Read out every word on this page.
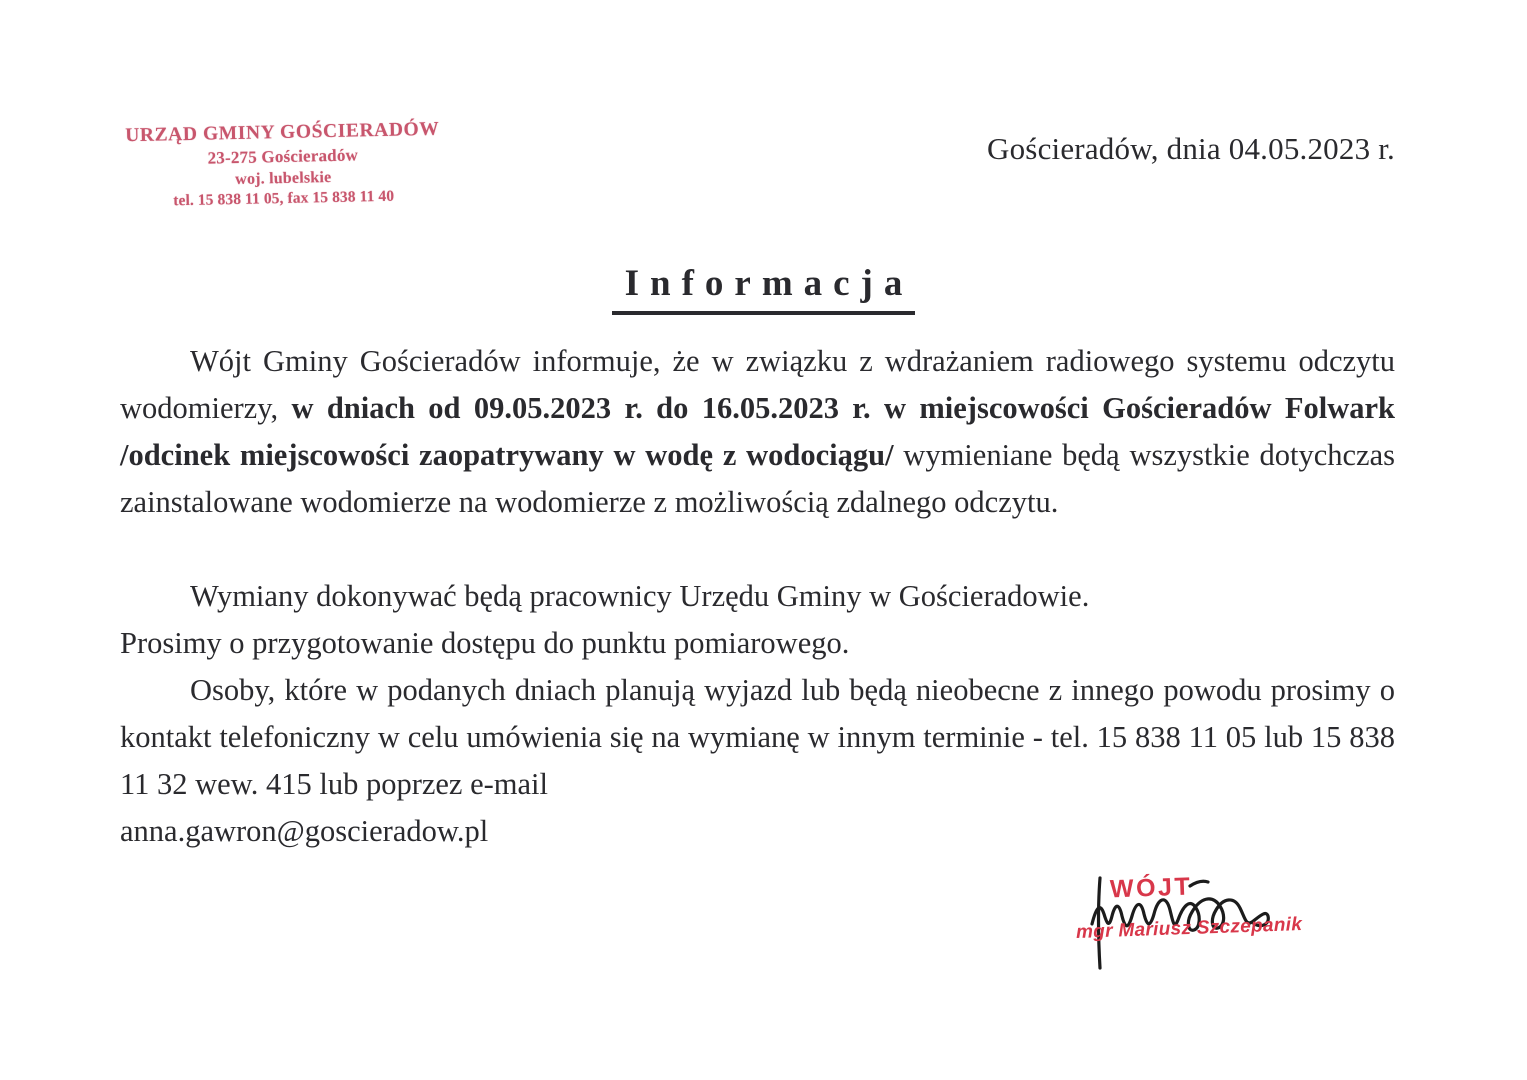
URZĄD GMINY GOŚCIERADÓW
23-275 Gościeradów
woj. lubelskie
tel. 15 838 11 05, fax 15 838 11 40
Gościeradów, dnia 04.05.2023 r.
Informacja

Wójt Gminy Gościeradów informuje, że w związku z wdrażaniem radiowego systemu odczytu wodomierzy, w dniach od 09.05.2023 r. do 16.05.2023 r. w miejscowości Gościeradów Folwark /odcinek miejscowości zaopatrywany w wodę z wodociągu/ wymieniane będą wszystkie dotychczas zainstalowane wodomierze na wodomierze z możliwością zdalnego odczytu.

Wymiany dokonywać będą pracownicy Urzędu Gminy w Gościeradowie.

Prosimy o przygotowanie dostępu do punktu pomiarowego.

Osoby, które w podanych dniach planują wyjazd lub będą nieobecne z innego powodu prosimy o kontakt telefoniczny w celu umówienia się na wymianę w innym terminie - tel. 15 838 11 05 lub 15 838 11 32 wew. 415 lub poprzez e-mail

anna.gawron@goscieradow.pl

WÓJT
mgr Mariusz Szczepanik
